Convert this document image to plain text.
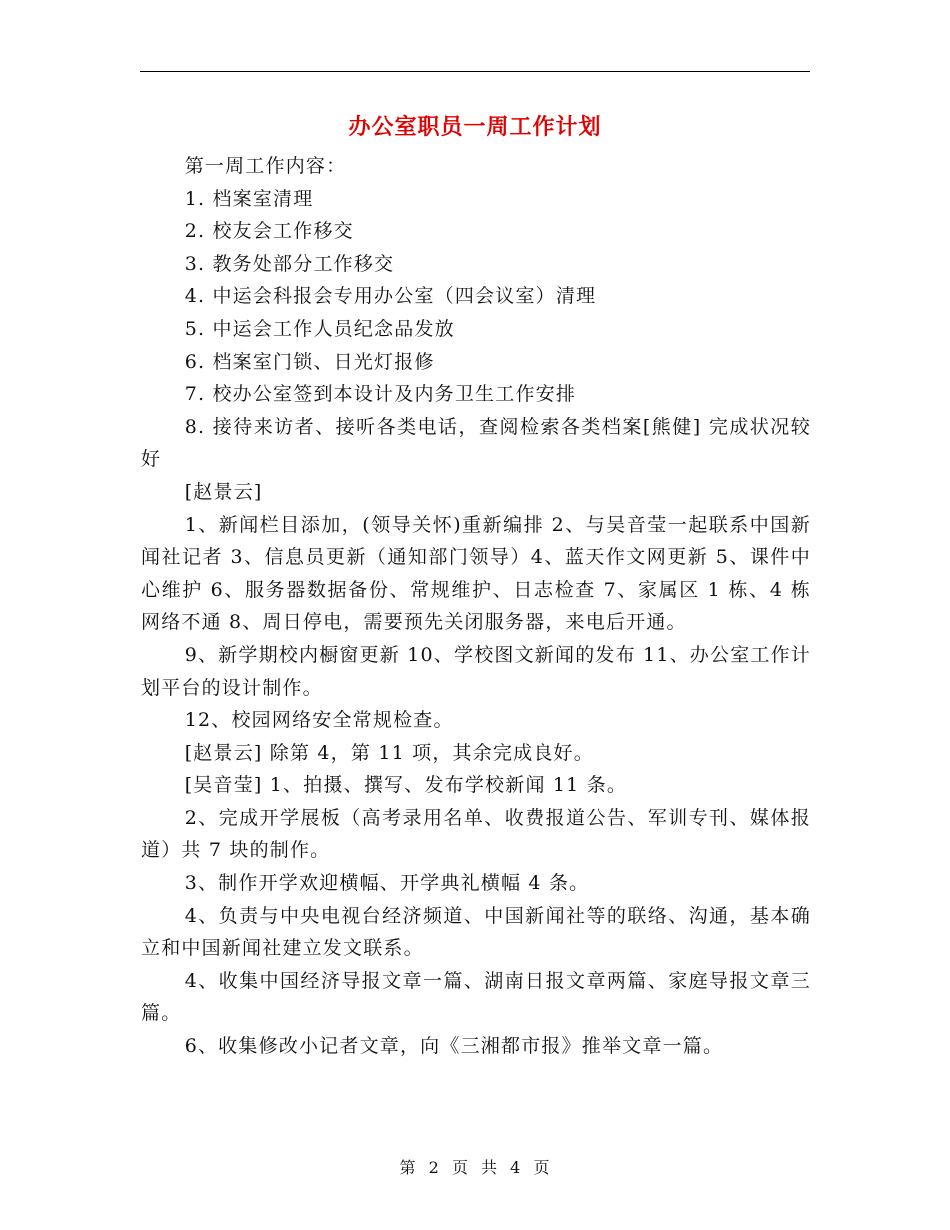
办公室职员一周工作计划

第一周工作内容：

1. 档案室清理

2. 校友会工作移交

3. 教务处部分工作移交

4. 中运会科报会专用办公室（四会议室）清理

5. 中运会工作人员纪念品发放

6. 档案室门锁、日光灯报修

7. 校办公室签到本设计及内务卫生工作安排

8. 接待来访者、接听各类电话，查阅检索各类档案[熊健] 完成状况较好

[赵景云]

1、新闻栏目添加，(领导关怀)重新编排 2、与吴音莹一起联系中国新闻社记者 3、信息员更新（通知部门领导）4、蓝天作文网更新 5、课件中心维护 6、服务器数据备份、常规维护、日志检查 7、家属区 1 栋、4 栋网络不通 8、周日停电，需要预先关闭服务器，来电后开通。

9、新学期校内橱窗更新 10、学校图文新闻的发布 11、办公室工作计划平台的设计制作。

12、校园网络安全常规检查。

[赵景云] 除第 4，第 11 项，其余完成良好。

[吴音莹] 1、拍摄、撰写、发布学校新闻 11 条。

2、完成开学展板（高考录用名单、收费报道公告、军训专刊、媒体报道）共 7 块的制作。

3、制作开学欢迎横幅、开学典礼横幅 4 条。

4、负责与中央电视台经济频道、中国新闻社等的联络、沟通，基本确立和中国新闻社建立发文联系。

4、收集中国经济导报文章一篇、湖南日报文章两篇、家庭导报文章三篇。

6、收集修改小记者文章，向《三湘都市报》推举文章一篇。

第 2 页 共 4 页
